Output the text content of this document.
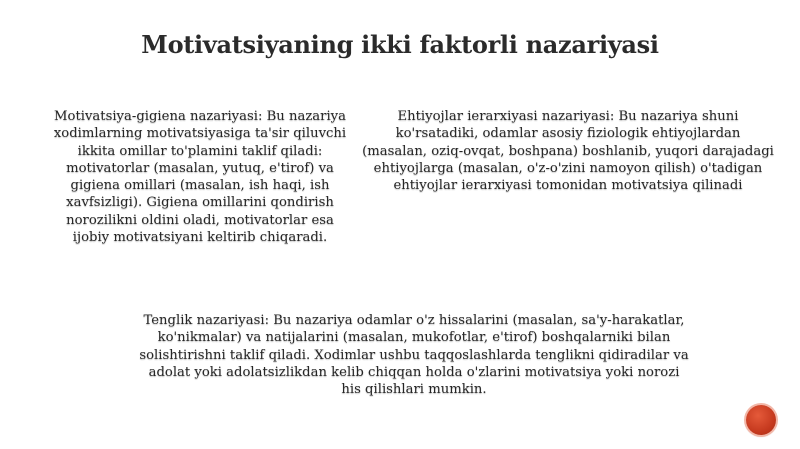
Motivatsiyaning ikki faktorli nazariyasi

Motivatsiya-gigiena nazariyasi: Bu nazariya xodimlarning motivatsiyasiga ta'sir qiluvchi ikkita omillar to'plamini taklif qiladi: motivatorlar (masalan, yutuq, e'tirof) va gigiena omillari (masalan, ish haqi, ish xavfsizligi). Gigiena omillarini qondirish norozilikni oldini oladi, motivatorlar esa ijobiy motivatsiyani keltirib chiqaradi.

Ehtiyojlar ierarxiyasi nazariyasi: Bu nazariya shuni ko'rsatadiki, odamlar asosiy fiziologik ehtiyojlardan (masalan, oziq-ovqat, boshpana) boshlanib, yuqori darajadagi ehtiyojlarga (masalan, o'z-o'zini namoyon qilish) o'tadigan ehtiyojlar ierarxiyasi tomonidan motivatsiya qilinadi

Tenglik nazariyasi: Bu nazariya odamlar o'z hissalarini (masalan, sa'y-harakatlar, ko'nikmalar) va natijalarini (masalan, mukofotlar, e'tirof) boshqalarniki bilan solishtirishni taklif qiladi. Xodimlar ushbu taqqoslashlarda tenglikni qidiradilar va adolat yoki adolatsizlikdan kelib chiqqan holda o'zlarini motivatsiya yoki norozi his qilishlari mumkin.
